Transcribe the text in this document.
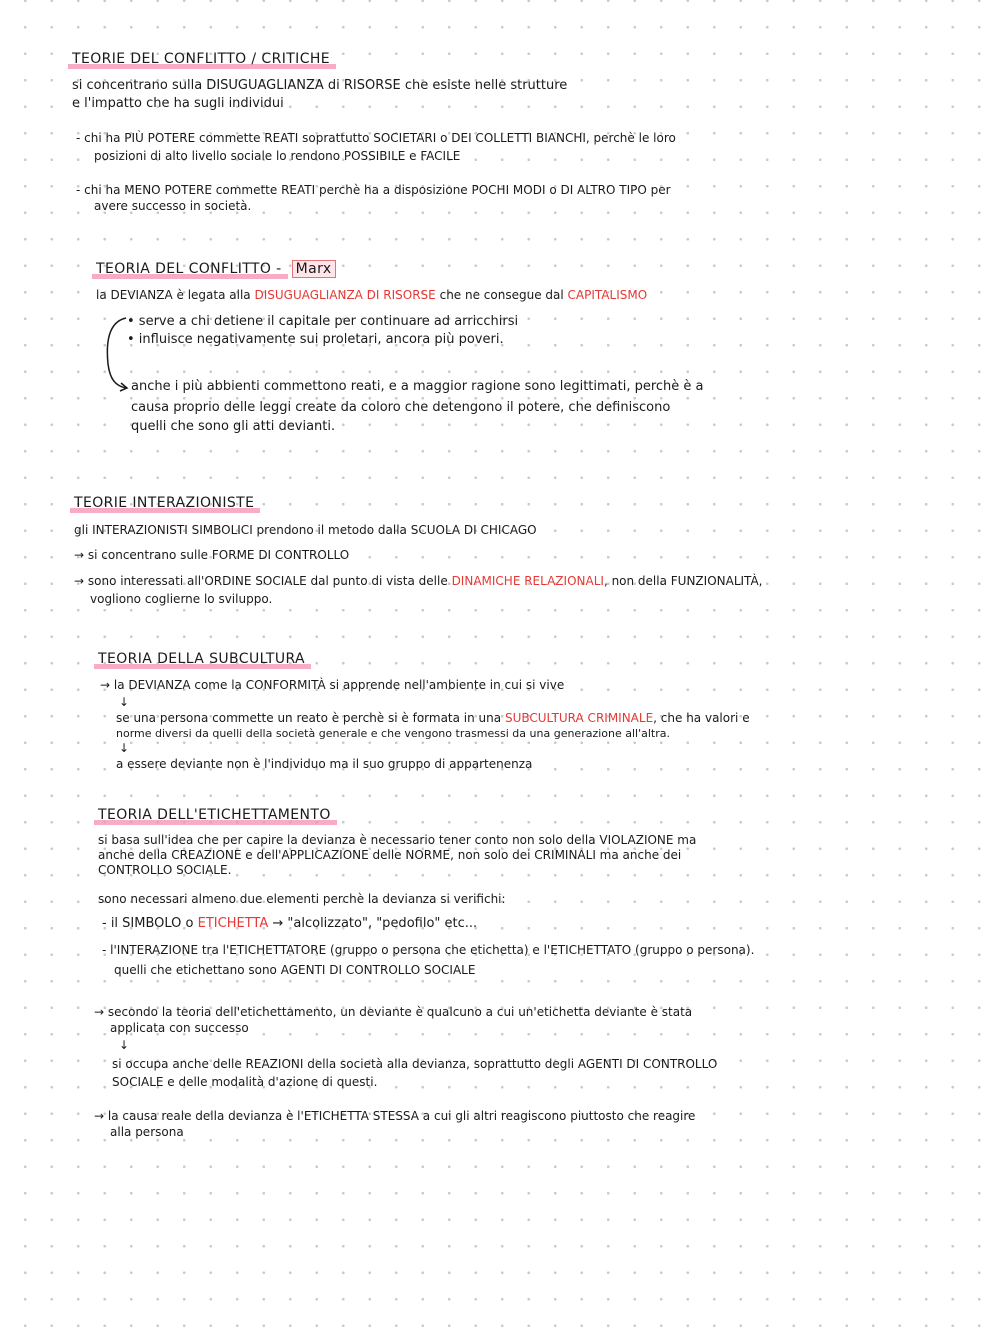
TEORIE DEL CONFLITTO / CRITICHE
si concentrano sulla DISUGUAGLIANZA di RISORSE che esiste nelle strutture
e l'impatto che ha sugli individui
- chi ha PIÙ POTERE commette REATI soprattutto SOCIETARI o DEI COLLETTI BIANCHI, perchè le loro
posizioni di alto livello sociale lo rendono POSSIBILE e FACILE
- chi ha MENO POTERE commette REATI perchè ha a disposizione POCHI MODI o DI ALTRO TIPO per
avere successo in società.
TEORIA DEL CONFLITTO - Marx
la DEVIANZA è legata alla DISUGUAGLIANZA DI RISORSE che ne consegue dal CAPITALISMO
• serve a chi detiene il capitale per continuare ad arricchirsi
• influisce negativamente sui proletari, ancora più poveri.
anche i più abbienti commettono reati, e a maggior ragione sono legittimati, perchè è a
causa proprio delle leggi create da coloro che detengono il potere, che definiscono
quelli che sono gli atti devianti.
TEORIE INTERAZIONISTE
gli INTERAZIONISTI SIMBOLICI prendono il metodo dalla SCUOLA DI CHICAGO
→ si concentrano sulle FORME DI CONTROLLO
→ sono interessati all'ORDINE SOCIALE dal punto di vista delle DINAMICHE RELAZIONALI, non della FUNZIONALITÀ,
vogliono coglierne lo sviluppo.
TEORIA DELLA SUBCULTURA
→ la DEVIANZA come la CONFORMITÀ si apprende nell'ambiente in cui si vive
↓
se una persona commette un reato è perchè si è formata in una SUBCULTURA CRIMINALE, che ha valori e
norme diversi da quelli della società generale e che vengono trasmessi da una generazione all'altra.
↓
a essere deviante non è l'individuo ma il suo gruppo di appartenenza
TEORIA DELL'ETICHETTAMENTO
si basa sull'idea che per capire la devianza è necessario tener conto non solo della VIOLAZIONE ma
anche della CREAZIONE e dell'APPLICAZIONE delle NORME, non solo dei CRIMINALI ma anche dei
CONTROLLO SOCIALE.
sono necessari almeno due elementi perchè la devianza si verifichi:
- il SIMBOLO o ETICHETTA → "alcolizzato", "pedofilo" etc...
- l'INTERAZIONE tra l'ETICHETTATORE (gruppo o persona che etichetta) e l'ETICHETTATO (gruppo o persona).
quelli che etichettano sono AGENTI DI CONTROLLO SOCIALE
→ secondo la teoria dell'etichettamento, un deviante è qualcuno a cui un'etichetta deviante è stata
applicata con successo
↓
si occupa anche delle REAZIONI della società alla devianza, soprattutto degli AGENTI DI CONTROLLO
SOCIALE e delle modalità d'azione di questi.
→ la causa reale della devianza è l'ETICHETTA STESSA a cui gli altri reagiscono piuttosto che reagire
alla persona
